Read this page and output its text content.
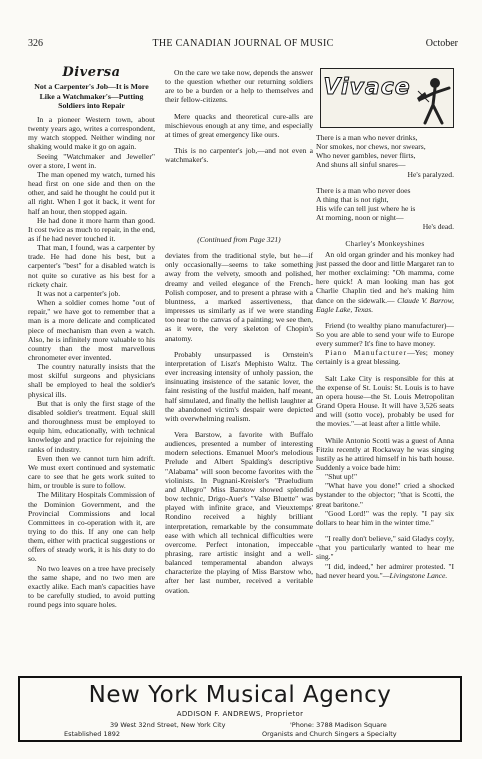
326	THE CANADIAN JOURNAL OF MUSIC	October

Diversa

Not a Carpenter's Job—It is More Like a Watchmaker's—Putting Soldiers into Repair

In a pioneer Western town, about twenty years ago, writes a correspondent, my watch stopped. Neither winding nor shaking would make it go on again.

Seeing "Watchmaker and Jeweller" over a store, I went in.

The man opened my watch, turned his head first on one side and then on the other, and said he thought he could put it all right. When I got it back, it went for half an hour, then stopped again.

He had done it more harm than good. It cost twice as much to repair, in the end, as if he had never touched it.

That man, I found, was a carpenter by trade. He had done his best, but a carpenter's "best" for a disabled watch is not quite so curative as his best for a rickety chair.

It was not a carpenter's job.

When a soldier comes home "out of repair," we have got to remember that a man is a more delicate and complicated piece of mechanism than even a watch. Also, he is infinitely more valuable to his country than the most marvellous chronometer ever invented.

The country naturally insists that the most skilful surgeons and physicians shall be employed to heal the soldier's physical ills.

But that is only the first stage of the disabled soldier's treatment. Equal skill and thoroughness must be employed to equip him, educationally, with technical knowledge and practice for rejoining the ranks of industry.

Even then we cannot turn him adrift. We must exert continued and systematic care to see that he gets work suited to him, or trouble is sure to follow.

The Military Hospitals Commission of the Dominion Government, and the Provincial Commissions and local Committees in co-operation with it, are trying to do this. If any one can help them, either with practical suggestions or offers of steady work, it is his duty to do so.

No two leaves on a tree have precisely the same shape, and no two men are exactly alike. Each man's capacities have to be carefully studied, to avoid putting round pegs into square holes.

On the care we take now, depends the answer to the question whether our returning soldiers are to be a burden or a help to themselves and their fellow-citizens.

Mere quacks and theoretical cure-alls are mischievous enough at any time, and especially at times of great emergency like ours.

This is no carpenter's job,—and not even a watchmaker's.

(Continued from Page 321)

deviates from the traditional style, but he—if only occasionally—seems to take something away from the velvety, smooth and polished, dreamy and veiled elegance of the French-Polish composer, and to present a phrase with a bluntness, a marked assertiveness, that impresses us similarly as if we were standing too near to the canvas of a painting; we see then, as it were, the very skeleton of Chopin's anatomy.

Probably unsurpassed is Ornstein's interpretation of Liszt's Mephisto Waltz. The ever increasing intensity of unholy passion, the insinuating insistence of the satanic lover, the faint resisting of the lustful maiden, half meant, half simulated, and finally the hellish laughter at the abandoned victim's despair were depicted with overwhelming realism.

Vera Barstow, a favorite with Buffalo audiences, presented a number of interesting modern selections. Emanuel Moor's melodious Prelude and Albert Spalding's descriptive "Alabama" will soon become favorites with the violinists. In Pugnani-Kreisler's "Praeludium and Allegro" Miss Barstow showed splendid bow technic, Drigo-Auer's "Valse Bluette" was played with infinite grace, and Vieuxtemps' Rondino received a highly brilliant interpretation, remarkable by the consummate ease with which all technical difficulties were overcome. Perfect intonation, impeccable phrasing, rare artistic insight and a well-balanced temperamental abandon always characterize the playing of Miss Barstow who, after her last number, received a veritable ovation.

Vivace

There is a man who never drinks,

Nor smokes, nor chews, nor swears,

Who never gambles, never flirts,

And shuns all sinful snares—

He's paralyzed.

There is a man who never does

A thing that is not right,

His wife can tell just where he is

At morning, noon or night—

He's dead.

Charley's Monkeyshines

An old organ grinder and his monkey had just passed the door and little Margaret ran to her mother exclaiming: "Oh mamma, come here quick! A man looking man has got Charlie Chaplin tied and he's making him dance on the sidewalk.— Claude V. Barrow, Eagle Lake, Texas.

Friend (to wealthy piano manufacturer)—So you are able to send your wife to Europe every summer? It's fine to have money.

Piano Manufacturer—Yes; money certainly is a great blessing.

Salt Lake City is responsible for this at the expense of St. Louis: St. Louis is to have an opera house—the St. Louis Metropolitan Grand Opera House. It will have 3,526 seats and will (sotto voce), probably be used for the movies."—at least after a little while.

While Antonio Scotti was a guest of Anna Fitziu recently at Rockaway he was singing lustily as he attired himself in his bath house. Suddenly a voice bade him:

"Shut up!"

"What have you done!" cried a shocked bystander to the objector; "that is Scotti, the great baritone."

"Good Lord!" was the reply. "I pay six dollars to hear him in the winter time."

"I really don't believe," said Gladys coyly, "that you particularly wanted to hear me sing."

"I did, indeed," her admirer protested. "I had never heard you."—Livingstone Lance.

New York Musical Agency
ADDISON F. ANDREWS, Proprietor
39 West 32nd Street, New York City
Established 1892
'Phone: 3788 Madison Square
Organists and Church Singers a Specialty
